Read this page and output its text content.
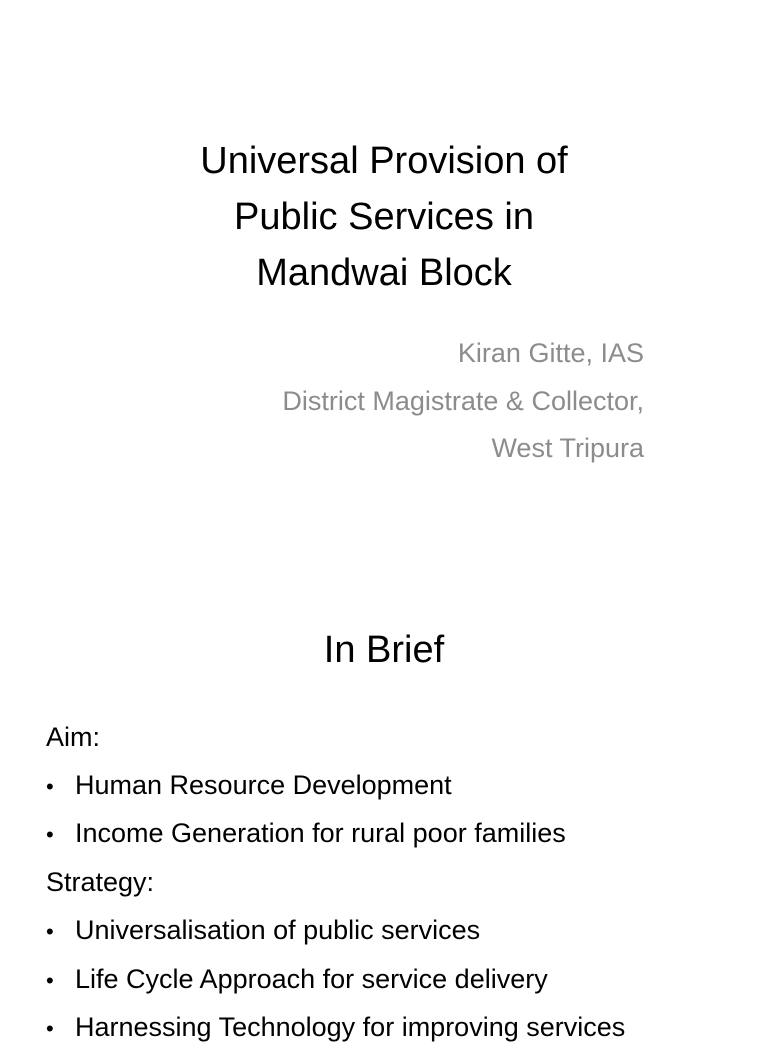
Universal Provision of
Public Services in
Mandwai Block
Kiran Gitte, IAS
District Magistrate & Collector,
West Tripura
In Brief
Aim:
• Human Resource Development
• Income Generation for rural poor families
Strategy:
• Universalisation of public services
• Life Cycle Approach for service delivery
• Harnessing Technology for improving services
